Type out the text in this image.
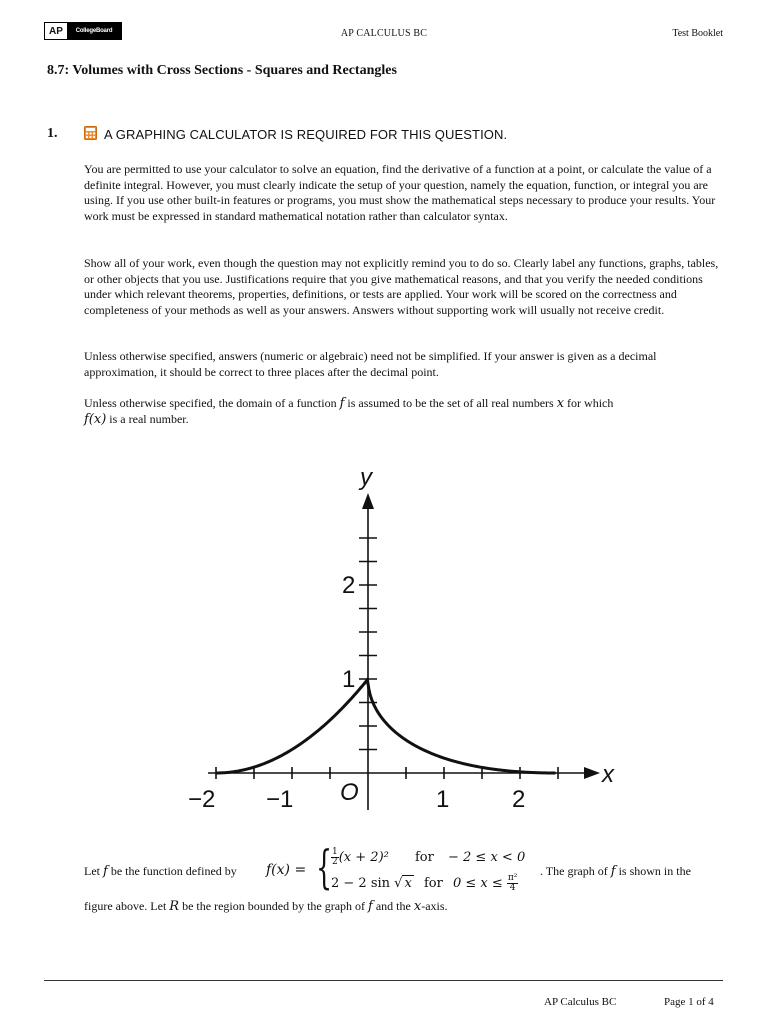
AP	CollegeBoard	AP CALCULUS BC	Test Booklet
8.7: Volumes with Cross Sections - Squares and Rectangles
1.	A GRAPHING CALCULATOR IS REQUIRED FOR THIS QUESTION.
You are permitted to use your calculator to solve an equation, find the derivative of a function at a point, or calculate the value of a definite integral. However, you must clearly indicate the setup of your question, namely the equation, function, or integral you are using. If you use other built-in features or programs, you must show the mathematical steps necessary to produce your results. Your work must be expressed in standard mathematical notation rather than calculator syntax.
Show all of your work, even though the question may not explicitly remind you to do so. Clearly label any functions, graphs, tables, or other objects that you use. Justifications require that you give mathematical reasons, and that you verify the needed conditions under which relevant theorems, properties, definitions, or tests are applied. Your work will be scored on the correctness and completeness of your methods as well as your answers. Answers without supporting work will usually not receive credit.
Unless otherwise specified, answers (numeric or algebraic) need not be simplified. If your answer is given as a decimal approximation, it should be correct to three places after the decimal point.
Unless otherwise specified, the domain of a function f is assumed to be the set of all real numbers x for which
f(x) is a real number.
y
x
O
−2 −1	1	2
1
2
Let f be the function defined by f(x) = {
$\frac{1}{2} (x + 2)^2$ for − 2 ≤ x < 0
2 − 2 sin √ x for $0 \le x \le \frac{\text{π²}}{4}$
. The graph of f is shown in the
figure above. Let R be the region bounded by the graph of f and the x-axis.
AP Calculus BC	Page 1 of 4
